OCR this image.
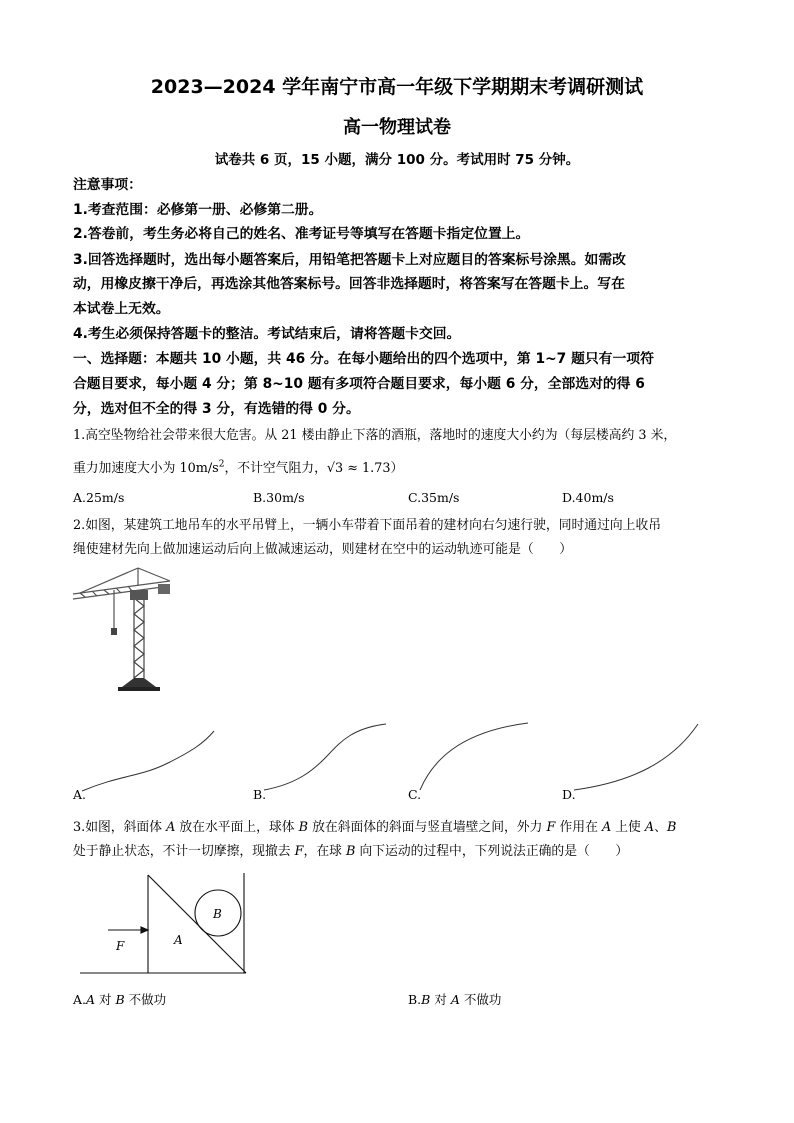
2023—2024 学年南宁市高一年级下学期期末考调研测试
高一物理试卷
试卷共 6 页，15 小题，满分 100 分。考试用时 75 分钟。
注意事项：
1.考查范围：必修第一册、必修第二册。
2.答卷前，考生务必将自己的姓名、准考证号等填写在答题卡指定位置上。
3.回答选择题时，选出每小题答案后，用铅笔把答题卡上对应题目的答案标号涂黑。如需改
动，用橡皮擦干净后，再选涂其他答案标号。回答非选择题时，将答案写在答题卡上。写在
本试卷上无效。
4.考生必须保持答题卡的整洁。考试结束后，请将答题卡交回。
一、选择题：本题共 10 小题，共 46 分。在每小题给出的四个选项中，第 1~7 题只有一项符
合题目要求，每小题 4 分；第 8~10 题有多项符合题目要求，每小题 6 分，全部选对的得 6
分，选对但不全的得 3 分，有选错的得 0 分。
1.高空坠物给社会带来很大危害。从 21 楼由静止下落的酒瓶，落地时的速度大小约为（每层楼高约 3 米，
重力加速度大小为 $10m/s^2$，不计空气阻力，√3 ≈ 1.73）
A.25m/s	B.30m/s	C.35m/s	D.40m/s
2.如图，某建筑工地吊车的水平吊臂上，一辆小车带着下面吊着的建材向右匀速行驶，同时通过向上收吊
绳使建材先向上做加速运动后向上做减速运动，则建材在空中的运动轨迹可能是（　　）
A.	B.	C.	D.
3.如图，斜面体 A 放在水平面上，球体 B 放在斜面体的斜面与竖直墙壁之间，外力 F 作用在 A 上使 A、B
处于静止状态，不计一切摩擦，现撤去 F，在球 B 向下运动的过程中，下列说法正确的是（　　）
F	A
B
A.A 对 B 不做功	B.B 对 A 不做功
